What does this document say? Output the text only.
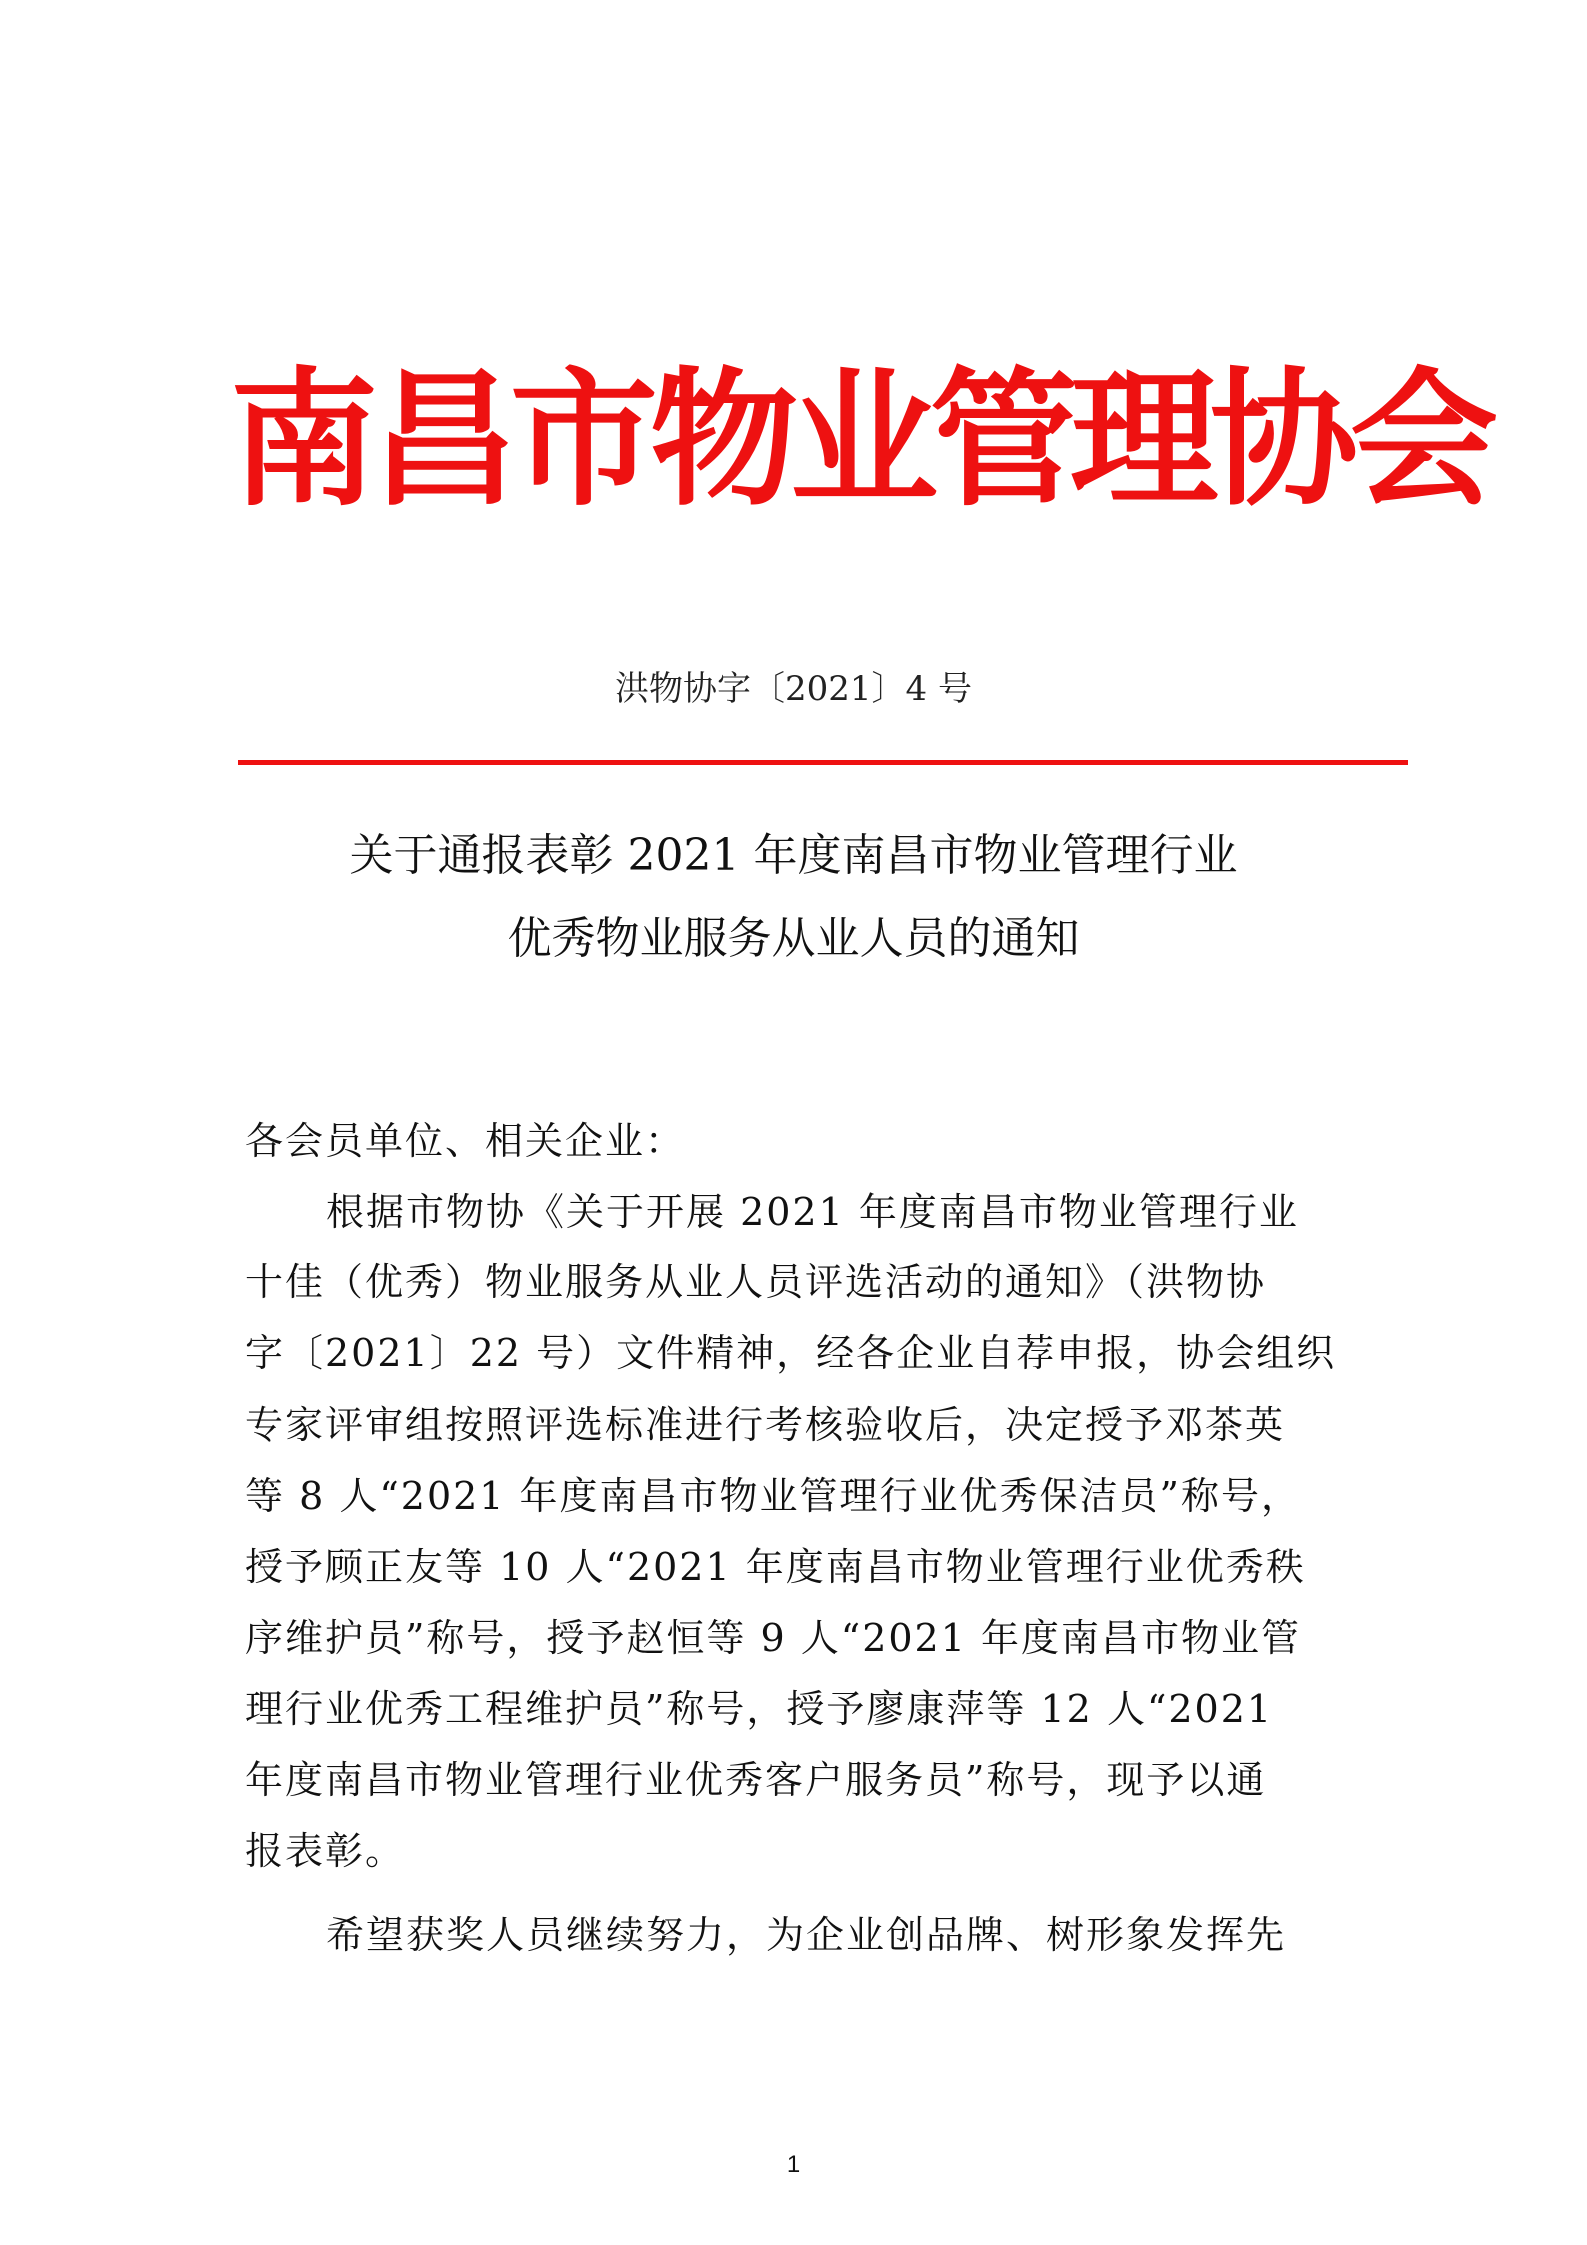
南
昌
市
物
业
管
理
协
会
洪物协字〔2021〕4 号
关于通报表彰 2021 年度南昌市物业管理行业
优秀物业服务从业人员的通知
各会员单位、相关企业：
根据市物协《关于开展 2021 年度南昌市物业管理行业
十佳（优秀）物业服务从业人员评选活动的通知》（洪物协
字〔2021〕22 号）文件精神，经各企业自荐申报，协会组织
专家评审组按照评选标准进行考核验收后，决定授予邓茶英
等 8 人“2021 年度南昌市物业管理行业优秀保洁员”称号，
授予顾正友等 10 人“2021 年度南昌市物业管理行业优秀秩
序维护员”称号，授予赵恒等 9 人“2021 年度南昌市物业管
理行业优秀工程维护员”称号，授予廖康萍等 12 人“2021
年度南昌市物业管理行业优秀客户服务员”称号，现予以通
报表彰。
希望获奖人员继续努力，为企业创品牌、树形象发挥先
1
